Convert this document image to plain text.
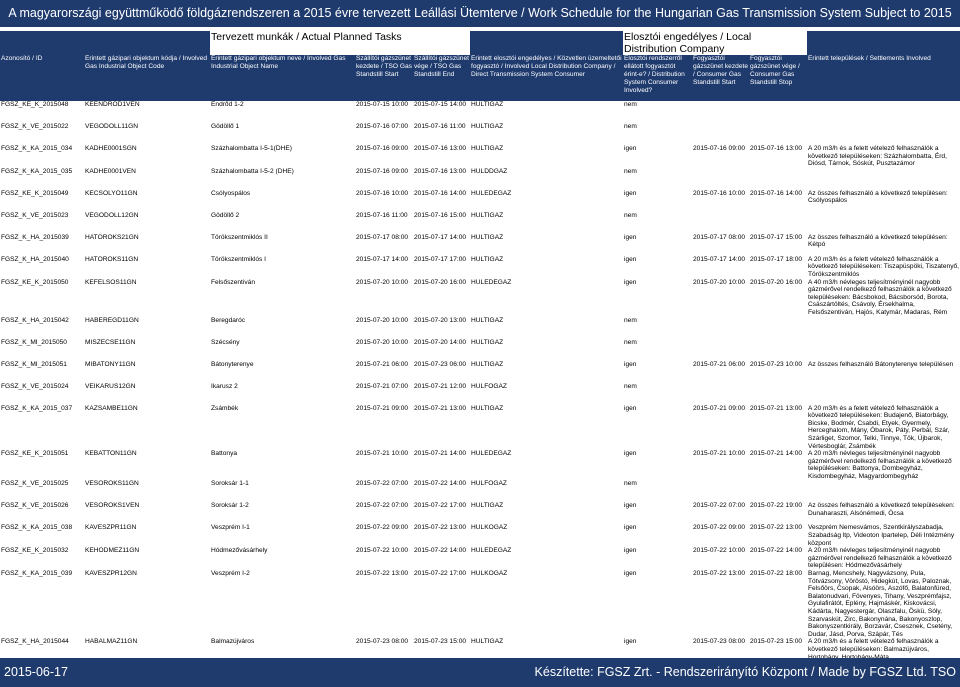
A magyarországi együttműködő földgázrendszeren a 2015 évre tervezett Leállási Ütemterve / Work Schedule for the Hungarian Gas Transmission System Subject to 2015
		Tervezett munkák / Actual Planned Tasks				Elosztói engedélyes / Local Distribution Company			
Azonosító / ID	Érintett gázipari objektum kódja / Involved Gas Industrial Object Code	Érintett gázipari objektum neve / Involved Gas Industrial Object Name	Szállítói gázszünet kezdete / TSO Gas Standstill Start	Szállítói gázszünet vége / TSO Gas Standstill End	Érintett elosztói engedélyes / Közvetlen üzemeltetői fogyasztó / Involved Local Distribution Company / Direct Transmission System Consumer	Elosztói rendszerről ellátott fogyasztót érint-e? / Distribution System Consumer Involved?	Fogyasztói gázszünet kezdete / Consumer Gas Standstill Start	Fogyasztói gázszünet vége / Consumer Gas Standstill Stop	Érintett települések / Settlements Involved
FGSZ_KE_K_2015048	KEENDROD1VEN	Endrőd 1-2	2015-07-15 10:00	2015-07-15 14:00	HULTIGAZ	nem			
FGSZ_K_VE_2015022	VEGODOLL11GN	Gödöllő 1	2015-07-16 07:00	2015-07-16 11:00	HULTIGAZ	nem			
FGSZ_K_KA_2015_034	KADHE0001SGN	Százhalombatta I-5-1(DHE)	2015-07-16 09:00	2015-07-16 13:00	HULTIGAZ	igen	2015-07-16 09:00	2015-07-16 13:00	A 20 m3/h és a felett vételező felhasználók a következő településeken: Százhalombatta, Érd, Diósd, Tárnok, Sóskút, Pusztazámor
FGSZ_K_KA_2015_035	KADHE0001VEN	Százhalombatta I-5-2 (DHE)	2015-07-16 09:00	2015-07-16 13:00	HULDDGAZ	nem			
FGSZ_KE_K_2015049	KECSOLYO11GN	Csólyospálos	2015-07-16 10:00	2015-07-16 14:00	HULEDEGAZ	igen	2015-07-16 10:00	2015-07-16 14:00	Az összes felhasználó a következő településen: Csólyospálos
FGSZ_K_VE_2015023	VEGODOLL12GN	Gödöllő 2	2015-07-16 11:00	2015-07-16 15:00	HULTIGAZ	nem			
FGSZ_K_HA_2015039	HATOROKS21GN	Törökszentmiklós II	2015-07-17 08:00	2015-07-17 14:00	HULTIGAZ	igen	2015-07-17 08:00	2015-07-17 15:00	Az összes felhasználó a következő településen: Kétpó
FGSZ_K_HA_2015040	HATOROKS11GN	Törökszentmiklós I	2015-07-17 14:00	2015-07-17 17:00	HULTIGAZ	igen	2015-07-17 14:00	2015-07-17 18:00	A 20 m3/h és a felett vételező felhasználók a következő településeken: Tiszapüspöki, Tiszatenyő, Törökszentmiklós
FGSZ_KE_K_2015050	KEFELSOS11GN	Felsőszentiván	2015-07-20 10:00	2015-07-20 16:00	HULEDEGAZ	igen	2015-07-20 10:00	2015-07-20 16:00	A 40 m3/h névleges teljesítményinél nagyobb gázmérővel rendelkező felhasználók a következő településeken: Bácsbokod, Bácsborsód, Borota, Császártöltés, Csávoly, Érsekhalma, Felsőszentiván, Hajós, Katymár, Madaras, Rém
FGSZ_K_HA_2015042	HABEREGD11GN	Beregdaróc	2015-07-20 10:00	2015-07-20 13:00	HULTIGAZ	nem			
FGSZ_K_MI_2015050	MISZECSE11GN	Szécsény	2015-07-20 10:00	2015-07-20 14:00	HULTIGAZ	nem			
FGSZ_K_MI_2015051	MIBATONY11GN	Bátonyterenye	2015-07-21 06:00	2015-07-23 06:00	HULTIGAZ	igen	2015-07-21 06:00	2015-07-23 10:00	Az összes felhasználó Bátonyterenye településen
FGSZ_K_VE_2015024	VEIKARUS12GN	Ikarusz 2	2015-07-21 07:00	2015-07-21 12:00	HULFOGAZ	nem			
FGSZ_K_KA_2015_037	KAZSAMBE11GN	Zsámbék	2015-07-21 09:00	2015-07-21 13:00	HULTIGAZ	igen	2015-07-21 09:00	2015-07-21 13:00	A 20 m3/h és a felett vételező felhasználók a következő településeken: Budajenő, Biatorbágy, Bicske, Bodmér, Csabdi, Etyek, Gyermely, Herceghalom, Mány, Óbarok, Páty, Perbál, Szár, Szárliget, Szomor, Telki, Tinnye, Tök, Újbarok, Vértesboglár, Zsámbék
FGSZ_KE_K_2015051	KEBATTON11GN	Battonya	2015-07-21 10:00	2015-07-21 14:00	HULEDEGAZ	igen	2015-07-21 10:00	2015-07-21 14:00	A 20 m3/h névleges teljesítményinél nagyobb gázmérővel rendelkező felhasználók a következő településeken: Battonya, Dombegyház, Kisdombegyház, Magyardombegyház
FGSZ_K_VE_2015025	VESOROKS11GN	Soroksár 1-1	2015-07-22 07:00	2015-07-22 14:00	HULFOGAZ	nem			
FGSZ_K_VE_2015026	VESOROKS1VEN	Soroksár 1-2	2015-07-22 07:00	2015-07-22 17:00	HULTIGAZ	igen	2015-07-22 07:00	2015-07-22 19:00	Az összes felhasználó a következő településeken: Dunaharaszti, Alsónémedi, Ócsa
FGSZ_K_KA_2015_038	KAVESZPR11GN	Veszprém I-1	2015-07-22 09:00	2015-07-22 13:00	HULKOGAZ	igen	2015-07-22 09:00	2015-07-22 13:00	Veszprém Nemesvámos, Szentkirályszabadja, Szabadság ltp, Videoton Ipartelep, Déli Intézmény központ
FGSZ_KE_K_2015032	KEHODMEZ11GN	Hódmezővásárhely	2015-07-22 10:00	2015-07-22 14:00	HULEDEGAZ	igen	2015-07-22 10:00	2015-07-22 14:00	A 20 m3/h névleges teljesítményinél nagyobb gázmérővel rendelkező felhasználók a következő településen: Hódmezővásárhely
FGSZ_K_KA_2015_039	KAVESZPR12GN	Veszprém I-2	2015-07-22 13:00	2015-07-22 17:00	HULKOGAZ	igen	2015-07-22 13:00	2015-07-22 18:00	Barnag, Mencshely, Nagyvázsony, Pula, Tótvázsony, Vöröstó, Hidegkút, Lovas, Paloznak, Felsőörs, Csopak, Alsóörs, Aszófő, Balatonfüred, Balatonudvari, Fövenyes, Tihany, Veszprémfajsz, Gyulafirátót, Eplény, Hajmáskér, Kiskovácsi, Kádárta, Nagyestergár, Olaszfalu, Öskü, Sóly, Szarvaskút, Zirc, Bakonynána, Bakonyoszlop, Bakonyszentkirály, Borzavár, Csesznek, Csetény, Dudar, Jásd, Porva, Szápár, Tés
FGSZ_K_HA_2015044	HABALMAZ11GN	Balmazújváros	2015-07-23 08:00	2015-07-23 15:00	HULTIGAZ	igen	2015-07-23 08:00	2015-07-23 15:00	A 20 m3/h és a felett vételező felhasználók a következő településeken: Balmazújváros,
2015-06-17	Készítette: FGSZ Zrt. - Rendszerirányító Központ / Made by FGSZ Ltd. TSO
